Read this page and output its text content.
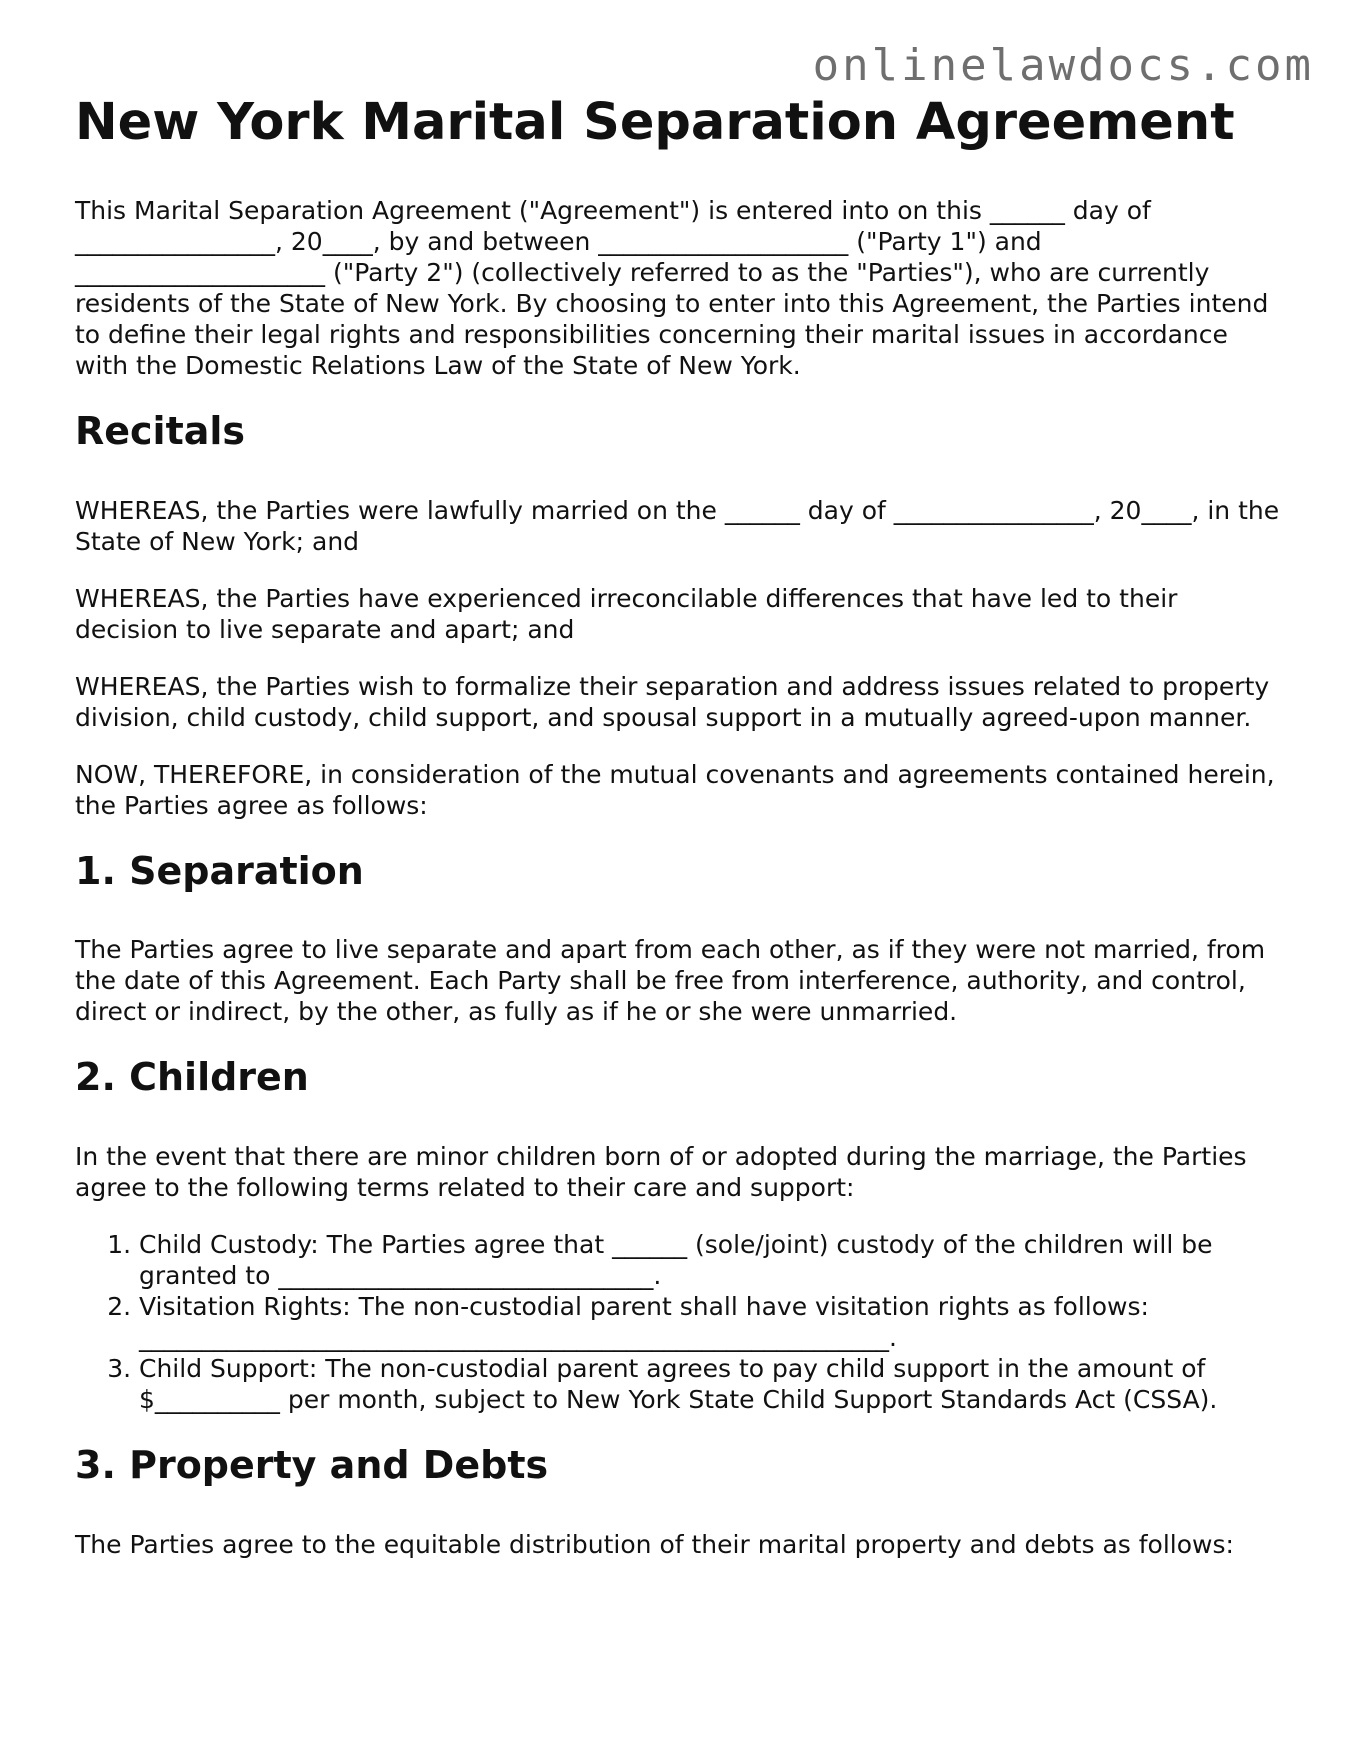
onlinelawdocs.com
New York Marital Separation Agreement

This Marital Separation Agreement ("Agreement") is entered into on this ______ day of ________________, 20____, by and between ____________________ ("Party 1") and ____________________ ("Party 2") (collectively referred to as the "Parties"), who are currently residents of the State of New York. By choosing to enter into this Agreement, the Parties intend to define their legal rights and responsibilities concerning their marital issues in accordance with the Domestic Relations Law of the State of New York.

Recitals

WHEREAS, the Parties were lawfully married on the ______ day of ________________, 20____, in the State of New York; and

WHEREAS, the Parties have experienced irreconcilable differences that have led to their decision to live separate and apart; and

WHEREAS, the Parties wish to formalize their separation and address issues related to property division, child custody, child support, and spousal support in a mutually agreed-upon manner.

NOW, THEREFORE, in consideration of the mutual covenants and agreements contained herein, the Parties agree as follows:

1. Separation

The Parties agree to live separate and apart from each other, as if they were not married, from the date of this Agreement. Each Party shall be free from interference, authority, and control, direct or indirect, by the other, as fully as if he or she were unmarried.

2. Children

In the event that there are minor children born of or adopted during the marriage, the Parties agree to the following terms related to their care and support:

1. Child Custody: The Parties agree that ______ (sole/joint) custody of the children will be granted to ______________________________.
2. Visitation Rights: The non-custodial parent shall have visitation rights as follows: ____________________________________________________________.
3. Child Support: The non-custodial parent agrees to pay child support in the amount of $__________ per month, subject to New York State Child Support Standards Act (CSSA).
3. Property and Debts

The Parties agree to the equitable distribution of their marital property and debts as follows:
